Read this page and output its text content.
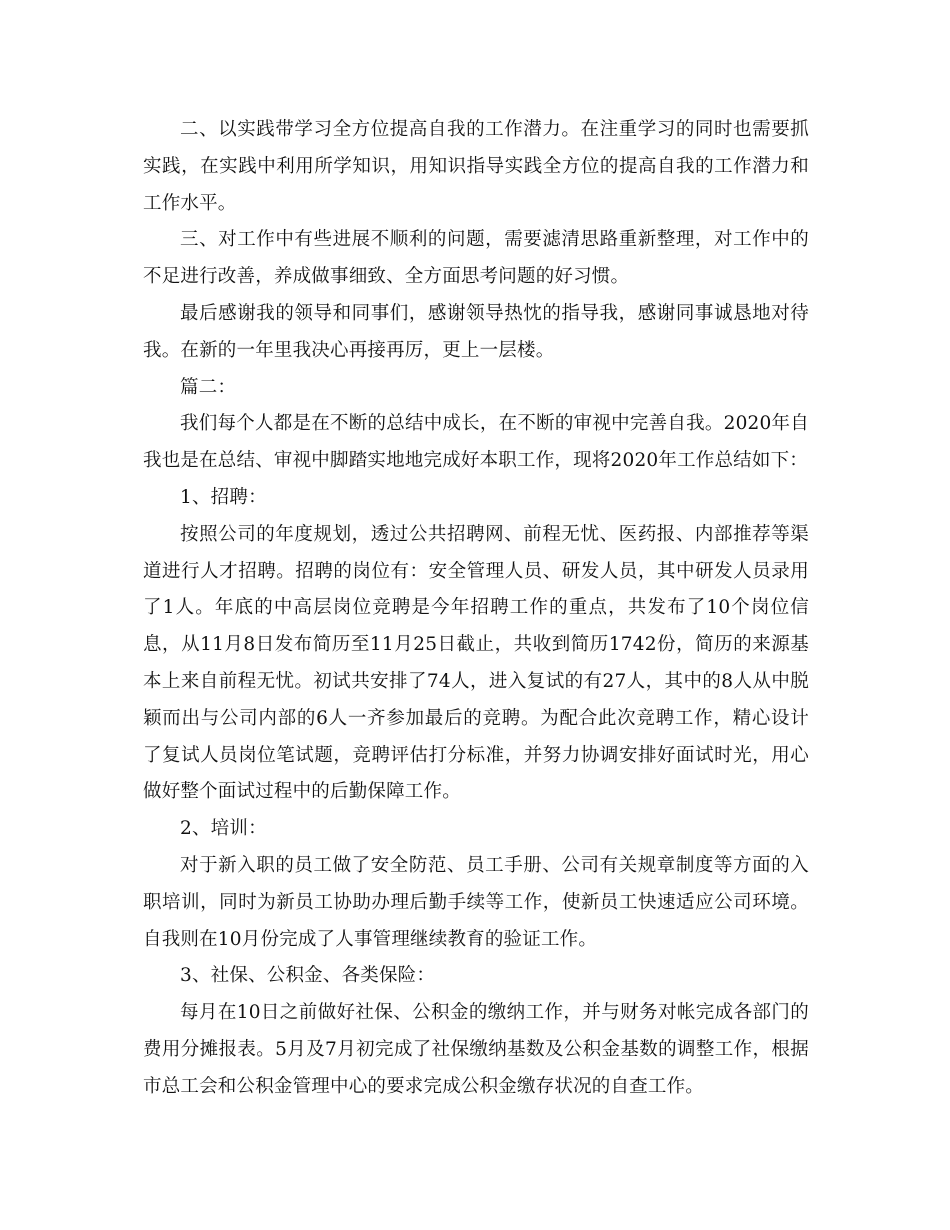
二、以实践带学习全方位提高自我的工作潜力。在注重学习的同时也需要抓实践，在实践中利用所学知识，用知识指导实践全方位的提高自我的工作潜力和工作水平。

三、对工作中有些进展不顺利的问题，需要滤清思路重新整理，对工作中的不足进行改善，养成做事细致、全方面思考问题的好习惯。

最后感谢我的领导和同事们，感谢领导热忱的指导我，感谢同事诚恳地对待我。在新的一年里我决心再接再厉，更上一层楼。

篇二：

我们每个人都是在不断的总结中成长，在不断的审视中完善自我。2020年自我也是在总结、审视中脚踏实地地完成好本职工作，现将2020年工作总结如下：

1、招聘：

按照公司的年度规划，透过公共招聘网、前程无忧、医药报、内部推荐等渠道进行人才招聘。招聘的岗位有：安全管理人员、研发人员，其中研发人员录用了1人。年底的中高层岗位竞聘是今年招聘工作的重点，共发布了10个岗位信息，从11月8日发布简历至11月25日截止，共收到简历1742份，简历的来源基本上来自前程无忧。初试共安排了74人，进入复试的有27人，其中的8人从中脱颖而出与公司内部的6人一齐参加最后的竞聘。为配合此次竞聘工作，精心设计了复试人员岗位笔试题，竞聘评估打分标准，并努力协调安排好面试时光，用心做好整个面试过程中的后勤保障工作。

2、培训：

对于新入职的员工做了安全防范、员工手册、公司有关规章制度等方面的入职培训，同时为新员工协助办理后勤手续等工作，使新员工快速适应公司环境。自我则在10月份完成了人事管理继续教育的验证工作。

3、社保、公积金、各类保险：

每月在10日之前做好社保、公积金的缴纳工作，并与财务对帐完成各部门的费用分摊报表。5月及7月初完成了社保缴纳基数及公积金基数的调整工作，根据市总工会和公积金管理中心的要求完成公积金缴存状况的自查工作。
